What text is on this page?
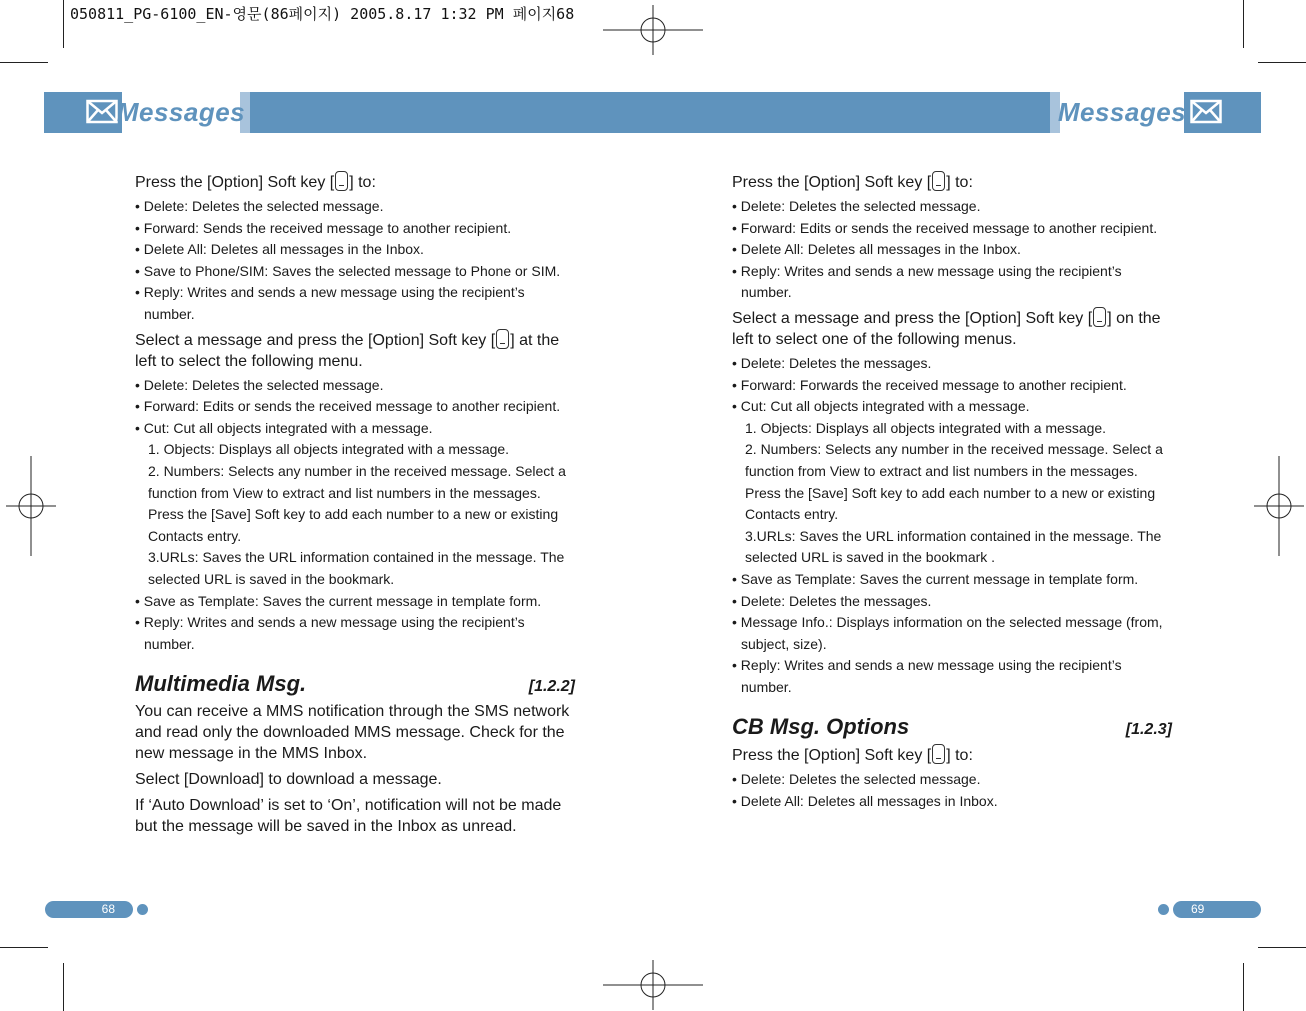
050811_PG-6100_EN-영문(86페이지) 2005.8.17 1:32 PM 페이지68
Messages	Messages

Press the [Option] Soft key [ ] to:

• Delete: Deletes the selected message.

• Forward: Sends the received message to another recipient.

• Delete All: Deletes all messages in the Inbox.

• Save to Phone/SIM: Saves the selected message to Phone or SIM.

• Reply: Writes and sends a new message using the recipient’s number.

Select a message and press the [Option] Soft key [ ] at the left to select the following menu.

• Delete: Deletes the selected message.

• Forward: Edits or sends the received message to another recipient.

• Cut: Cut all objects integrated with a message.

1. Objects: Displays all objects integrated with a message.

2. Numbers: Selects any number in the received message. Select a function from View to extract and list numbers in the messages. Press the [Save] Soft key to add each number to a new or existing Contacts entry.

3.URLs: Saves the URL information contained in the message. The selected URL is saved in the bookmark.

• Save as Template: Saves the current message in template form.

• Reply: Writes and sends a new message using the recipient’s number.

Multimedia Msg.	[1.2.2]

You can receive a MMS notification through the SMS network and read only the downloaded MMS message. Check for the new message in the MMS Inbox.

Select [Download] to download a message.

If ‘Auto Download’ is set to ‘On’, notification will not be made but the message will be saved in the Inbox as unread.

Press the [Option] Soft key [ ] to:

• Delete: Deletes the selected message.

• Forward: Edits or sends the received message to another recipient.

• Delete All: Deletes all messages in the Inbox.

• Reply: Writes and sends a new message using the recipient’s number.

Select a message and press the [Option] Soft key [ ] on the left to select one of the following menus.

• Delete: Deletes the messages.

• Forward: Forwards the received message to another recipient.

• Cut: Cut all objects integrated with a message.

1. Objects: Displays all objects integrated with a message.

2. Numbers: Selects any number in the received message. Select a function from View to extract and list numbers in the messages. Press the [Save] Soft key to add each number to a new or existing Contacts entry.

3.URLs: Saves the URL information contained in the message. The selected URL is saved in the bookmark .

• Save as Template: Saves the current message in template form.

• Delete: Deletes the messages.

• Message Info.: Displays information on the selected message (from, subject, size).

• Reply: Writes and sends a new message using the recipient’s number.

CB Msg. Options	[1.2.3]

Press the [Option] Soft key [ ] to:

• Delete: Deletes the selected message.

• Delete All: Deletes all messages in Inbox.

68	69
